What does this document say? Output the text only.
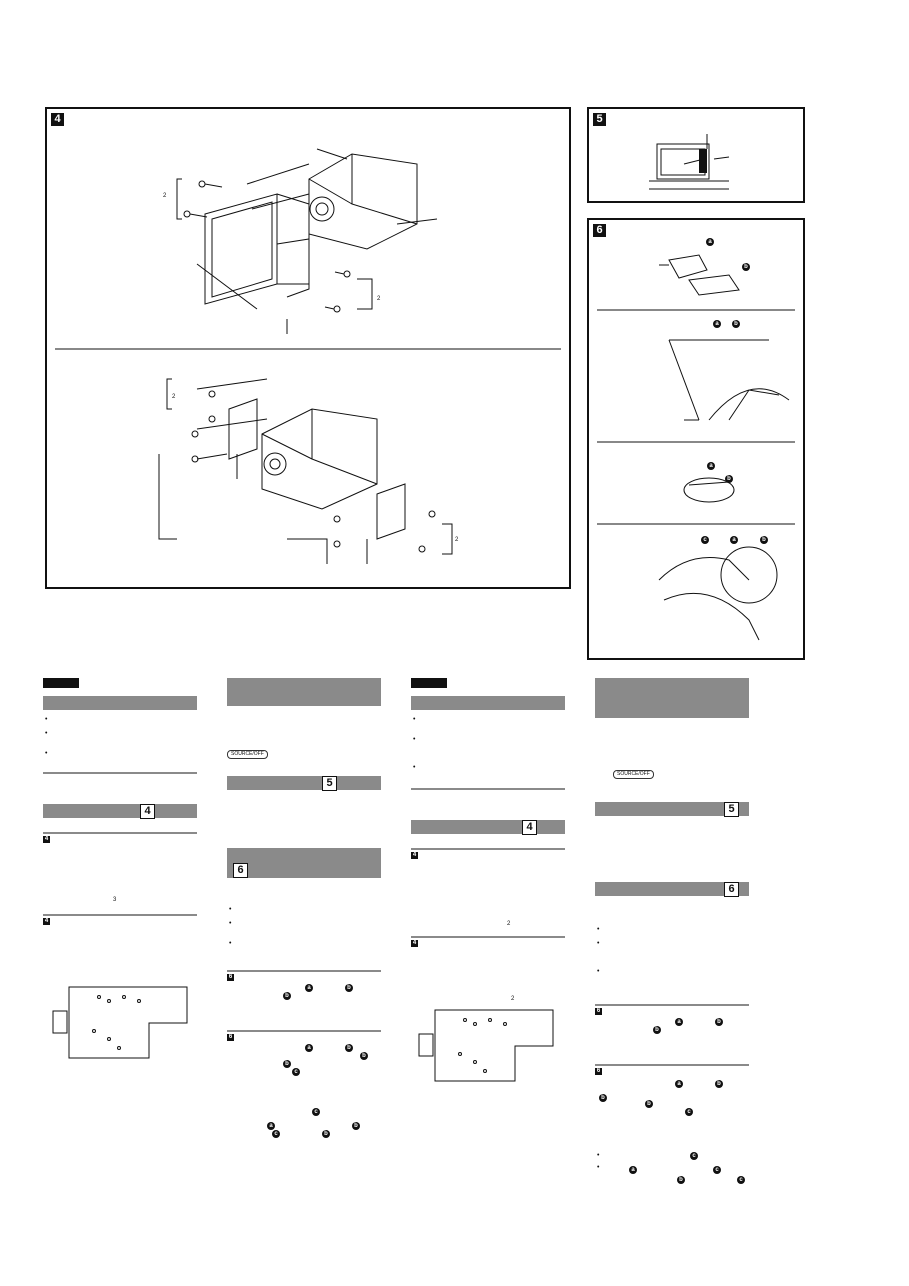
4
2
2
2
2
5
6
a
b
a	b
a
b
a	b
c
•
•
•
4
4
3
4
SOURCE/OFF
5
6
•
•
•
6
a	b
b
6
a	b
b
b
c
c
a	b
c	b
•
•
•
4
4
2
4
2
SOURCE/OFF
5
6
•
•
•
6
a	b
b
6
a	b
b
b
c
c
a	c
b	c
•
•
